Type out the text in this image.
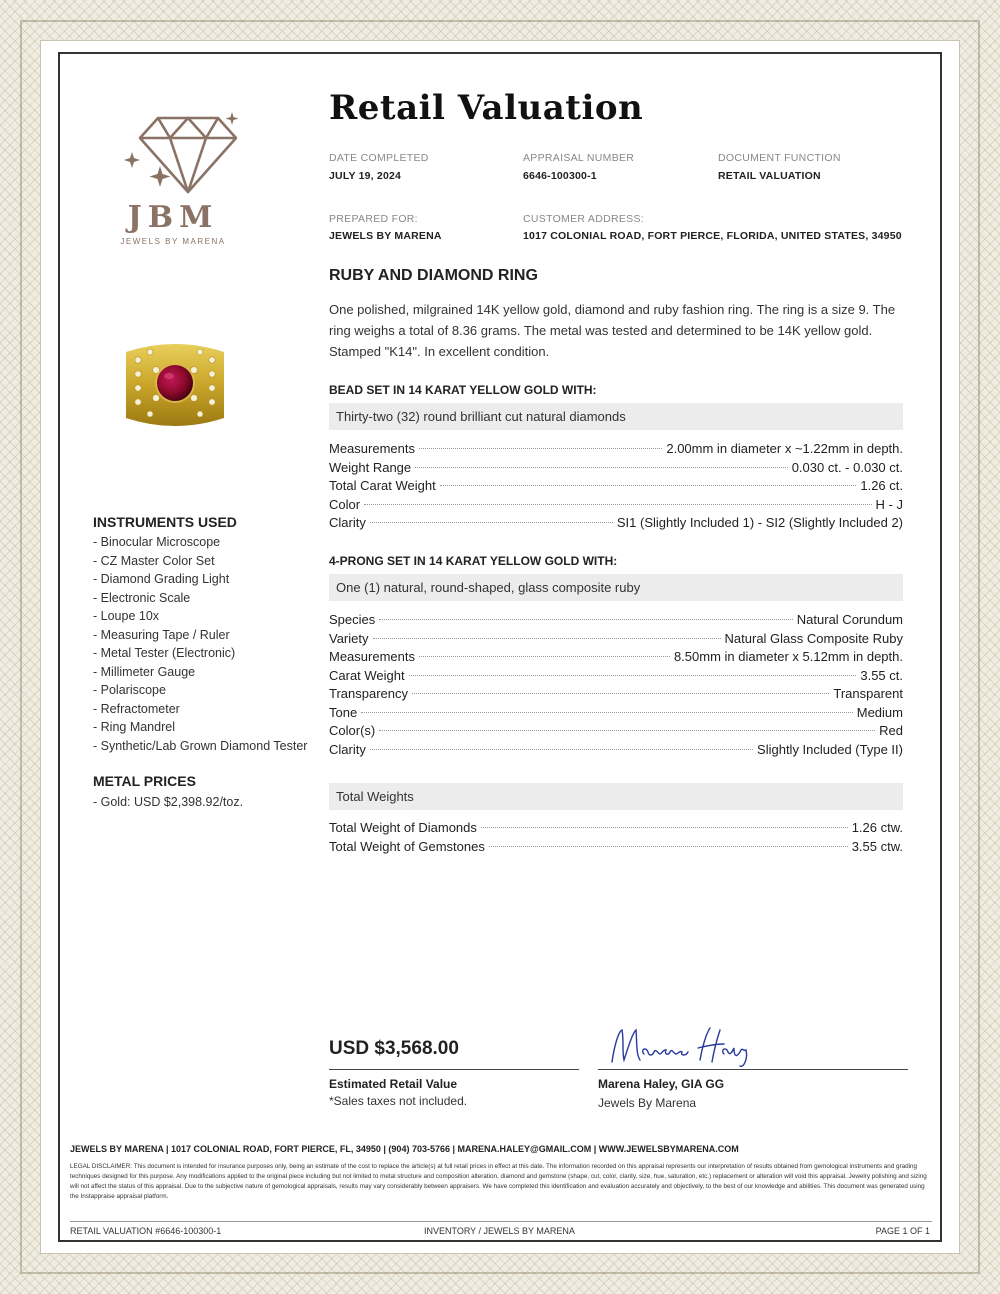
JBM
JEWELS BY MARENA
INSTRUMENTS USED
- Binocular Microscope
- CZ Master Color Set
- Diamond Grading Light
- Electronic Scale
- Loupe 10x
- Measuring Tape / Ruler
- Metal Tester (Electronic)
- Millimeter Gauge
- Polariscope
- Refractometer
- Ring Mandrel
- Synthetic/Lab Grown Diamond Tester
METAL PRICES
- Gold: USD $2,398.92/toz.
Retail Valuation
DATE COMPLETED
JULY 19, 2024
APPRAISAL NUMBER
6646-100300-1
DOCUMENT FUNCTION
RETAIL VALUATION
PREPARED FOR:
JEWELS BY MARENA
CUSTOMER ADDRESS:
1017 COLONIAL ROAD, FORT PIERCE, FLORIDA, UNITED STATES, 34950
RUBY AND DIAMOND RING
One polished, milgrained 14K yellow gold, diamond and ruby fashion ring. The ring is a size 9. The ring weighs a total of 8.36 grams. The metal was tested and determined to be 14K yellow gold. Stamped "K14". In excellent condition.
BEAD SET IN 14 KARAT YELLOW GOLD WITH:
Thirty-two (32) round brilliant cut natural diamonds
Measurements	2.00mm in diameter x ~1.22mm in depth.
Weight Range	0.030 ct. - 0.030 ct.
Total Carat Weight	1.26 ct.
Color	H - J
Clarity	SI1 (Slightly Included 1) - SI2 (Slightly Included 2)
4-PRONG SET IN 14 KARAT YELLOW GOLD WITH:
One (1) natural, round-shaped, glass composite ruby
Species	Natural Corundum
Variety	Natural Glass Composite Ruby
Measurements	8.50mm in diameter x 5.12mm in depth.
Carat Weight	3.55 ct.
Transparency	Transparent
Tone	Medium
Color(s)	Red
Clarity	Slightly Included (Type II)
Total Weights
Total Weight of Diamonds	1.26 ctw.
Total Weight of Gemstones	3.55 ctw.
USD $3,568.00
Estimated Retail Value
*Sales taxes not included.
Marena Haley, GIA GG
Jewels By Marena
JEWELS BY MARENA | 1017 COLONIAL ROAD, FORT PIERCE, FL, 34950 | (904) 703-5766 | MARENA.HALEY@GMAIL.COM | WWW.JEWELSBYMARENA.COM
LEGAL DISCLAIMER: This document is intended for insurance purposes only, being an estimate of the cost to replace the article(s) at full retail prices in effect at this date. The information recorded on this appraisal represents our interpretation of results obtained from gemological instruments and grading techniques designed for this purpose. Any modifications applied to the original piece including but not limited to metal structure and composition alteration, diamond and gemstone (shape, cut, color, clarity, size, hue, saturation, etc.) replacement or alteration will void this appraisal. Jewelry polishing and sizing will not affect the status of this appraisal. Due to the subjective nature of gemological appraisals, results may vary considerably between appraisers. We have completed this identification and evaluation accurately and objectively, to the best of our knowledge and abilities. This document was generated using the Instappraise appraisal platform.
RETAIL VALUATION #6646-100300-1	INVENTORY / JEWELS BY MARENA	PAGE 1 OF 1
